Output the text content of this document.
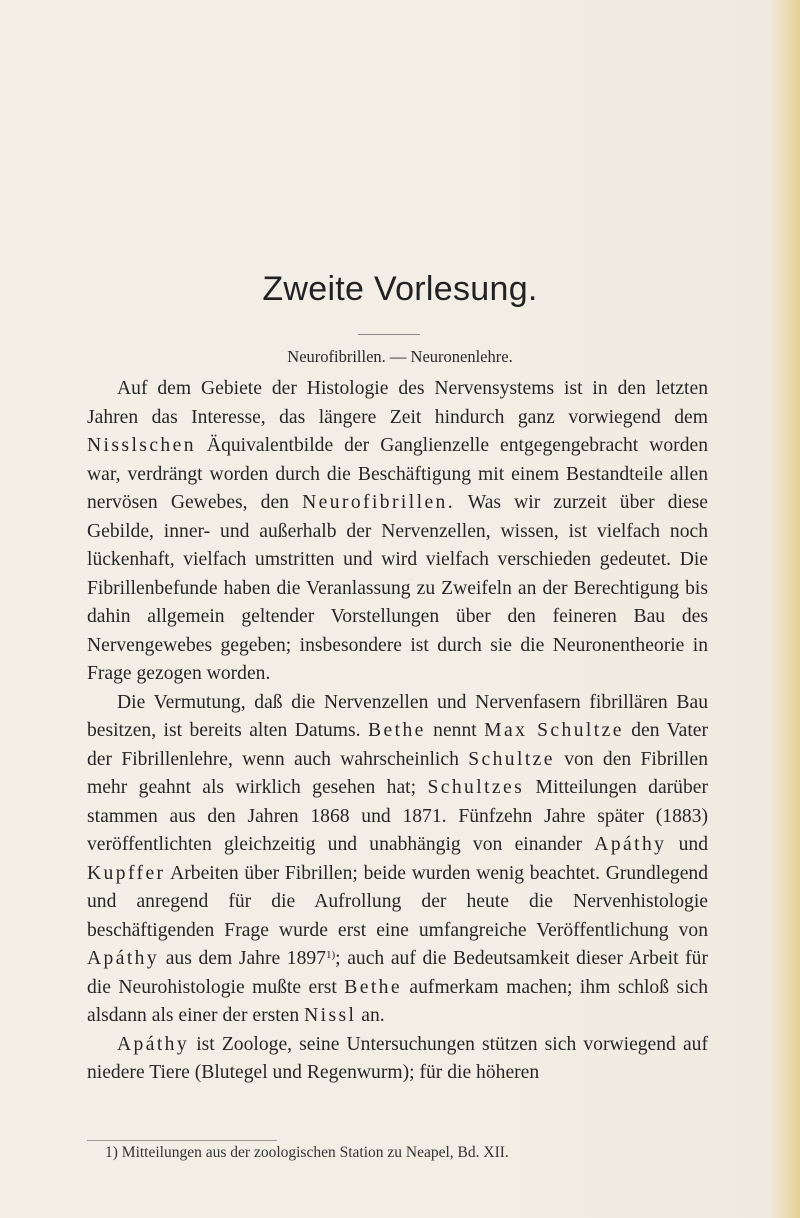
Zweite Vorlesung.
Neurofibrillen. — Neuronenlehre.

Auf dem Gebiete der Histologie des Nervensystems ist in den letzten Jahren das Interesse, das längere Zeit hindurch ganz vorwiegend dem Nisslschen Äquivalentbilde der Ganglienzelle entgegengebracht worden war, verdrängt worden durch die Beschäftigung mit einem Bestandteile allen nervösen Gewebes, den Neurofibrillen. Was wir zurzeit über diese Gebilde, inner- und außerhalb der Nervenzellen, wissen, ist vielfach noch lückenhaft, vielfach umstritten und wird vielfach verschieden gedeutet. Die Fibrillenbefunde haben die Veranlassung zu Zweifeln an der Berechtigung bis dahin allgemein geltender Vorstellungen über den feineren Bau des Nervengewebes gegeben; insbesondere ist durch sie die Neuronentheorie in Frage gezogen worden.

Die Vermutung, daß die Nervenzellen und Nervenfasern fibrillären Bau besitzen, ist bereits alten Datums. Bethe nennt Max Schultze den Vater der Fibrillenlehre, wenn auch wahrscheinlich Schultze von den Fibrillen mehr geahnt als wirklich gesehen hat; Schultzes Mitteilungen darüber stammen aus den Jahren 1868 und 1871. Fünfzehn Jahre später (1883) veröffentlichten gleichzeitig und unabhängig von einander Apáthy und Kupffer Arbeiten über Fibrillen; beide wurden wenig beachtet. Grundlegend und anregend für die Aufrollung der heute die Nervenhistologie beschäftigenden Frage wurde erst eine umfangreiche Veröffentlichung von Apáthy aus dem Jahre 1897$^{1)}$; auch auf die Bedeutsamkeit dieser Arbeit für die Neurohistologie mußte erst Bethe aufmerkam machen; ihm schloß sich alsdann als einer der ersten Nissl an.

Apáthy ist Zoologe, seine Untersuchungen stützen sich vorwiegend auf niedere Tiere (Blutegel und Regenwurm); für die höheren

1) Mitteilungen aus der zoologischen Station zu Neapel, Bd. XII.
